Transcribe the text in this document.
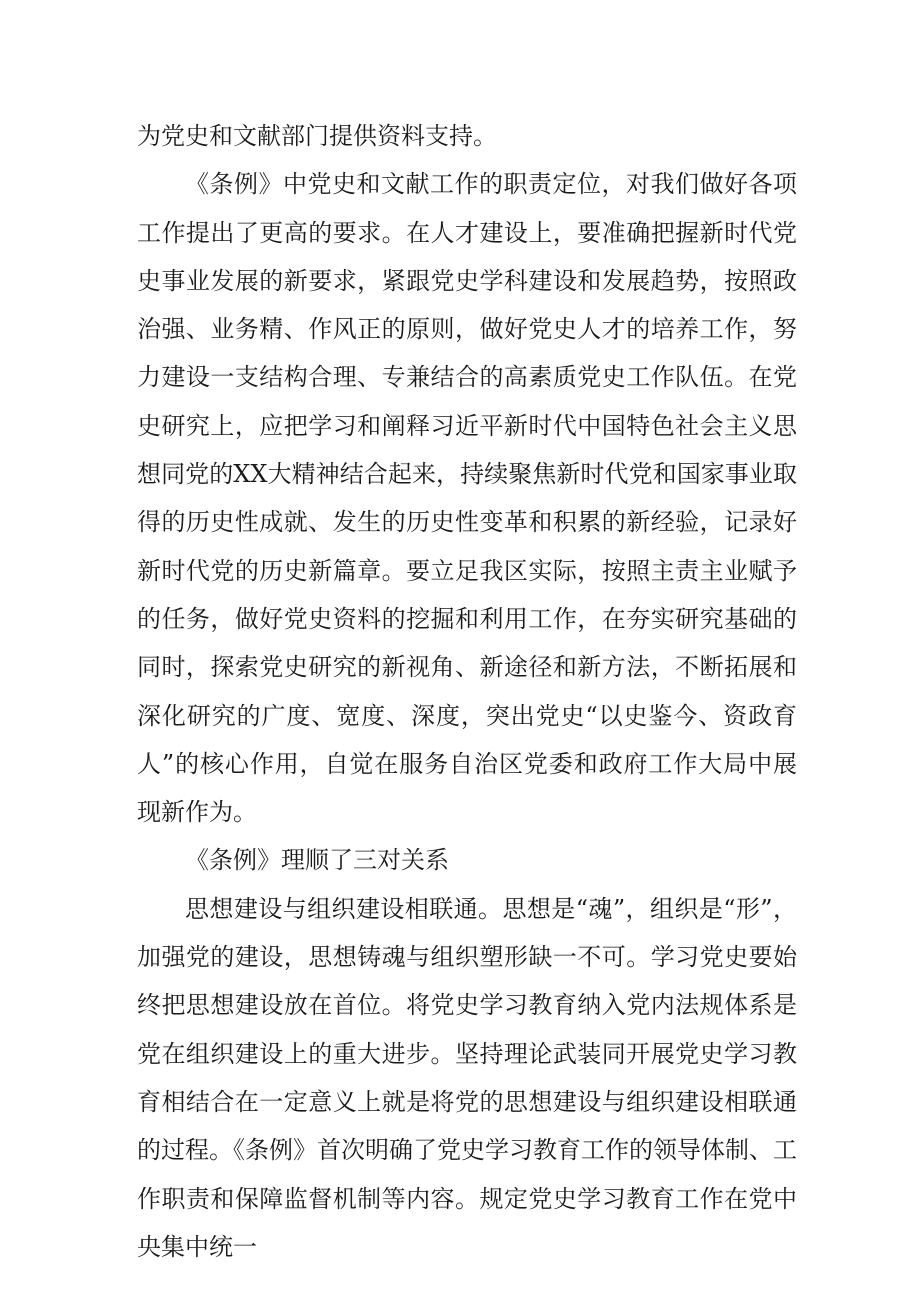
为党史和文献部门提供资料支持。

《条例》中党史和文献工作的职责定位，对我们做好各项工作提出了更高的要求。在人才建设上，要准确把握新时代党史事业发展的新要求，紧跟党史学科建设和发展趋势，按照政治强、业务精、作风正的原则，做好党史人才的培养工作，努力建设一支结构合理、专兼结合的高素质党史工作队伍。在党史研究上，应把学习和阐释习近平新时代中国特色社会主义思想同党的XX大精神结合起来，持续聚焦新时代党和国家事业取得的历史性成就、发生的历史性变革和积累的新经验，记录好新时代党的历史新篇章。要立足我区实际，按照主责主业赋予的任务，做好党史资料的挖掘和利用工作，在夯实研究基础的同时，探索党史研究的新视角、新途径和新方法，不断拓展和深化研究的广度、宽度、深度，突出党史“以史鉴今、资政育人”的核心作用，自觉在服务自治区党委和政府工作大局中展现新作为。

《条例》理顺了三对关系

思想建设与组织建设相联通。思想是“魂”，组织是“形”，加强党的建设，思想铸魂与组织塑形缺一不可。学习党史要始终把思想建设放在首位。将党史学习教育纳入党内法规体系是党在组织建设上的重大进步。坚持理论武装同开展党史学习教育相结合在一定意义上就是将党的思想建设与组织建设相联通的过程。《条例》首次明确了党史学习教育工作的领导体制、工作职责和保障监督机制等内容。规定党史学习教育工作在党中央集中统一
